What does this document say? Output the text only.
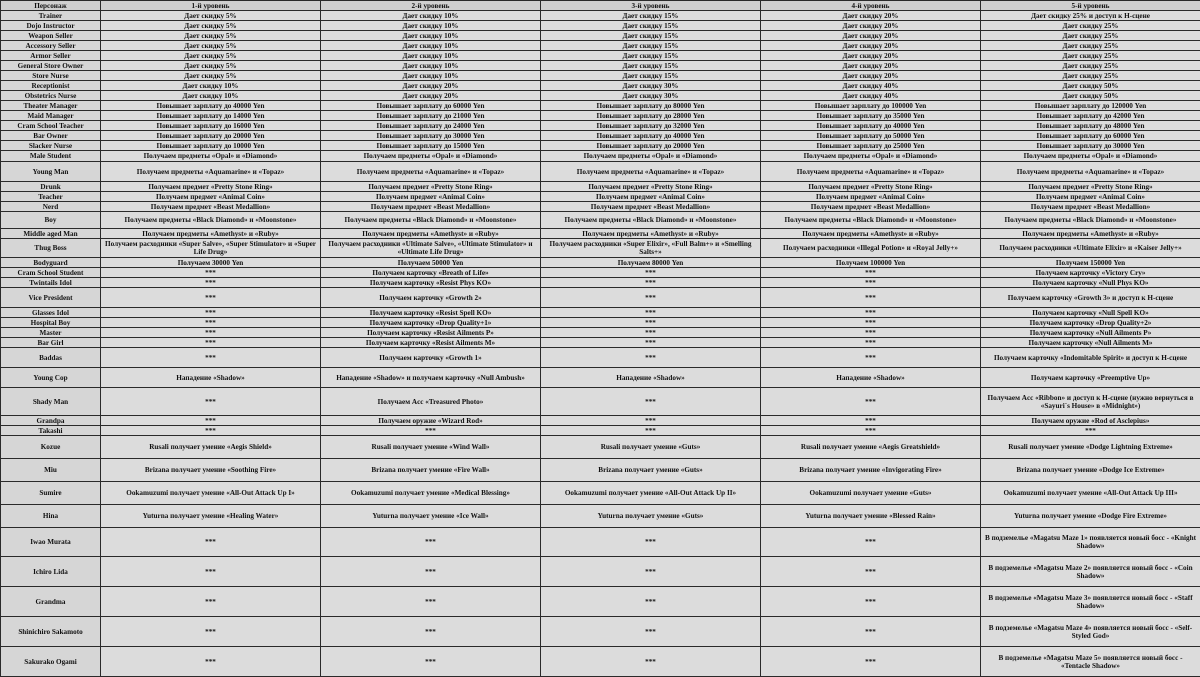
Персонаж	1-й уровень	2-й уровень	3-й уровень	4-й уровень	5-й уровень
Trainer	Дает скидку 5%	Дает скидку 10%	Дает скидку 15%	Дает скидку 20%	Дает скидку 25% и доступ к Н-сцене
Dojo Instructor	Дает скидку 5%	Дает скидку 10%	Дает скидку 15%	Дает скидку 20%	Дает скидку 25%
Weapon Seller	Дает скидку 5%	Дает скидку 10%	Дает скидку 15%	Дает скидку 20%	Дает скидку 25%
Accessory Seller	Дает скидку 5%	Дает скидку 10%	Дает скидку 15%	Дает скидку 20%	Дает скидку 25%
Armor Seller	Дает скидку 5%	Дает скидку 10%	Дает скидку 15%	Дает скидку 20%	Дает скидку 25%
General Store Owner	Дает скидку 5%	Дает скидку 10%	Дает скидку 15%	Дает скидку 20%	Дает скидку 25%
Store Nurse	Дает скидку 5%	Дает скидку 10%	Дает скидку 15%	Дает скидку 20%	Дает скидку 25%
Receptionist	Дает скидку 10%	Дает скидку 20%	Дает скидку 30%	Дает скидку 40%	Дает скидку 50%
Obstetrics Nurse	Дает скидку 10%	Дает скидку 20%	Дает скидку 30%	Дает скидку 40%	Дает скидку 50%
Theater Manager	Повышает зарплату до 40000 Yen	Повышает зарплату до 60000 Yen	Повышает зарплату до 80000 Yen	Повышает зарплату до 100000 Yen	Повышает зарплату до 120000 Yen
Maid Manager	Повышает зарплату до 14000 Yen	Повышает зарплату до 21000 Yen	Повышает зарплату до 28000 Yen	Повышает зарплату до 35000 Yen	Повышает зарплату до 42000 Yen
Cram School Teacher	Повышает зарплату до 16000 Yen	Повышает зарплату до 24000 Yen	Повышает зарплату до 32000 Yen	Повышает зарплату до 40000 Yen	Повышает зарплату до 48000 Yen
Bar Owner	Повышает зарплату до 20000 Yen	Повышает зарплату до 30000 Yen	Повышает зарплату до 40000 Yen	Повышает зарплату до 50000 Yen	Повышает зарплату до 60000 Yen
Slacker Nurse	Повышает зарплату до 10000 Yen	Повышает зарплату до 15000 Yen	Повышает зарплату до 20000 Yen	Повышает зарплату до 25000 Yen	Повышает зарплату до 30000 Yen
Male Student	Получаем предметы «Opal» и «Diamond»	Получаем предметы «Opal» и «Diamond»	Получаем предметы «Opal» и «Diamond»	Получаем предметы «Opal» и «Diamond»	Получаем предметы «Opal» и «Diamond»
Young Man	Получаем предметы «Aquamarine» и «Topaz»	Получаем предметы «Aquamarine» и «Topaz»	Получаем предметы «Aquamarine» и «Topaz»	Получаем предметы «Aquamarine» и «Topaz»	Получаем предметы «Aquamarine» и «Topaz»
Drunk	Получаем предмет «Pretty Stone Ring»	Получаем предмет «Pretty Stone Ring»	Получаем предмет «Pretty Stone Ring»	Получаем предмет «Pretty Stone Ring»	Получаем предмет «Pretty Stone Ring»
Teacher	Получаем предмет «Animal Coin»	Получаем предмет «Animal Coin»	Получаем предмет «Animal Coin»	Получаем предмет «Animal Coin»	Получаем предмет «Animal Coin»
Nerd	Получаем предмет «Beast Medallion»	Получаем предмет «Beast Medallion»	Получаем предмет «Beast Medallion»	Получаем предмет «Beast Medallion»	Получаем предмет «Beast Medallion»
Boy	Получаем предметы «Black Diamond» и «Moonstone»	Получаем предметы «Black Diamond» и «Moonstone»	Получаем предметы «Black Diamond» и «Moonstone»	Получаем предметы «Black Diamond» и «Moonstone»	Получаем предметы «Black Diamond» и «Moonstone»
Middle aged Man	Получаем предметы «Amethyst» и «Ruby»	Получаем предметы «Amethyst» и «Ruby»	Получаем предметы «Amethyst» и «Ruby»	Получаем предметы «Amethyst» и «Ruby»	Получаем предметы «Amethyst» и «Ruby»
Thug Boss	Получаем расходники «Super Salve», «Super Stimulator» и «Super Life Drug»	Получаем расходники «Ultimate Salve», «Ultimate Stimulator» и «Ultimate Life Drug»	Получаем расходники «Super Elixir», «Full Balm+» и «Smelling Salts+»	Получаем расходники «Illegal Potion» и «Royal Jelly+»	Получаем расходники «Ultimate Elixir» и «Kaiser Jelly+»
Bodyguard	Получаем 30000 Yen	Получаем 50000 Yen	Получаем 80000 Yen	Получаем 100000 Yen	Получаем 150000 Yen
Cram School Student	***	Получаем карточку «Breath of Life»	***	***	Получаем карточку «Victory Cry»
Twintails Idol	***	Получаем карточку «Resist Phys KO»	***	***	Получаем карточку «Null Phys KO»
Vice President	***	Получаем карточку «Growth 2»	***	***	Получаем карточку «Growth 3» и доступ к Н-сцене
Glasses Idol	***	Получаем карточку «Resist Spell KO»	***	***	Получаем карточку «Null Spell KO»
Hospital Boy	***	Получаем карточку «Drop Quality+1»	***	***	Получаем карточку «Drop Quality+2»
Master	***	Получаем карточку «Resist Ailments P»	***	***	Получаем карточку «Null Ailments P»
Bar Girl	***	Получаем карточку «Resist Ailments M»	***	***	Получаем карточку «Null Ailments M»
Baddas	***	Получаем карточку «Growth 1»	***	***	Получаем карточку «Indomitable Spirit» и доступ к Н-сцене
Young Cop	Нападение «Shadow»	Нападение «Shadow» и получаем карточку «Null Ambush»	Нападение «Shadow»	Нападение «Shadow»	Получаем карточку «Preemptive Up»
Shady Man	***	Получаем Acc «Treasured Photo»	***	***	Получаем Acc «Ribbon» и доступ к Н-сцене (нужно вернуться в «Sayuri`s House» в «Midnight»)
Grandpa	***	Получаем оружие «Wizard Rod»	***	***	Получаем оружие «Rod of Asclepius»
Takashi	***	***	***	***	***
Kozue	Rusali получает умение «Aegis Shield»	Rusali получает умение «Wind Wall»	Rusali получает умение «Guts»	Rusali получает умение «Aegis Greatshield»	Rusali получает умение «Dodge Lightning Extreme»
Miu	Brizana получает умение «Soothing Fire»	Brizana получает умение «Fire Wall»	Brizana получает умение «Guts»	Brizana получает умение «Invigorating Fire»	Brizana получает умение «Dodge Ice Extreme»
Sumire	Ookamuzumi получает умение «All-Out Attack Up I»	Ookamuzumi получает умение «Medical Blessing»	Ookamuzumi получает умение «All-Out Attack Up II»	Ookamuzumi получает умение «Guts»	Ookamuzumi получает умение «All-Out Attack Up III»
Hina	Yuturna получает умение «Healing Water»	Yuturna получает умение «Ice Wall»	Yuturna получает умение «Guts»	Yuturna получает умение «Blessed Rain»	Yuturna получает умение «Dodge Fire Extreme»
Iwao Murata	***	***	***	***	В подземелье «Magatsu Maze 1» появляется новый босс - «Knight Shadow»
Ichiro Lida	***	***	***	***	В подземелье «Magatsu Maze 2» появляется новый босс - «Coin Shadow»
Grandma	***	***	***	***	В подземелье «Magatsu Maze 3» появляется новый босс - «Staff Shadow»
Shinichiro Sakamoto	***	***	***	***	В подземелье «Magatsu Maze 4» появляется новый босс - «Self-Styled God»
Sakurako Ogami	***	***	***	***	В подземелье «Magatsu Maze 5» появляется новый босс - «Tentacle Shadow»
